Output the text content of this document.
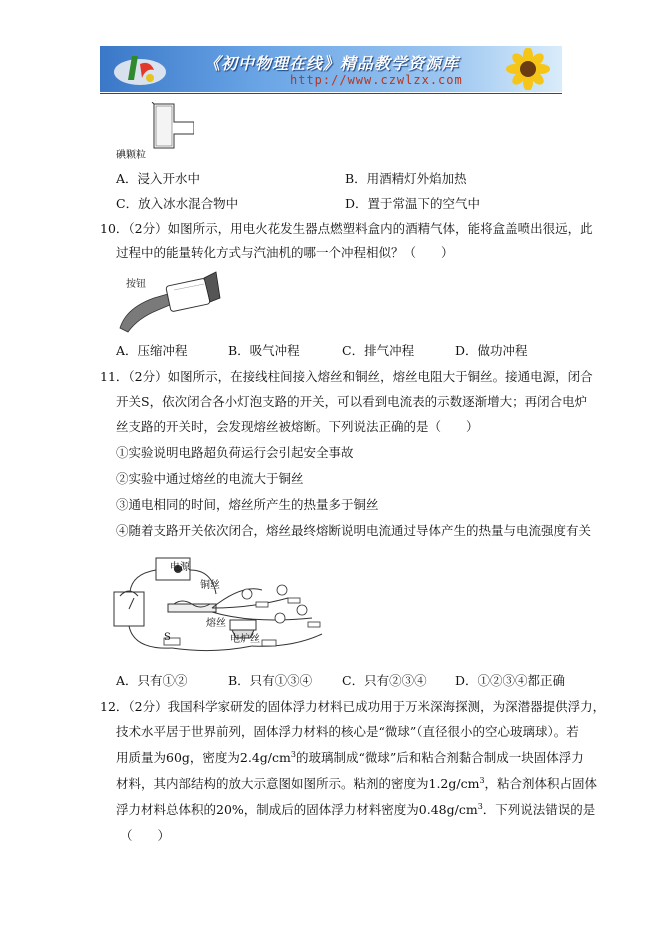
《初中物理在线》精品教学资源库
http://www.czwlzx.com
碘颗粒
A．浸入开水中	B．用酒精灯外焰加热
C．放入冰水混合物中	D．置于常温下的空气中
10．（2分）如图所示，用电火花发生器点燃塑料盒内的酒精气体，能将盒盖喷出很远，此
过程中的能量转化方式与汽油机的哪一个冲程相似？（　　）
按钮
A．压缩冲程	B．吸气冲程	C．排气冲程	D．做功冲程
11．（2分）如图所示，在接线柱间接入熔丝和铜丝，熔丝电阻大于铜丝。接通电源，闭合
开关S，依次闭合各小灯泡支路的开关，可以看到电流表的示数逐渐增大；再闭合电炉
丝支路的开关时，会发现熔丝被熔断。下列说法正确的是（　　）
①实验说明电路超负荷运行会引起安全事故
②实验中通过熔丝的电流大于铜丝
③通电相同的时间，熔丝所产生的热量多于铜丝
④随着支路开关依次闭合，熔丝最终熔断说明电流通过导体产生的热量与电流强度有关
电源
铜丝
熔丝
电炉丝
S
A．只有①②	B．只有①③④ C．只有②③④ D．①②③④都正确
12．（2分）我国科学家研发的固体浮力材料已成功用于万米深海探测，为深潜器提供浮力，
技术水平居于世界前列，固体浮力材料的核心是“微球”（直径很小的空心玻璃球）。若
用质量为60g，密度为$2.4g/cm^3$的玻璃制成“微球”后和粘合剂黏合制成一块固体浮力
材料，其内部结构的放大示意图如图所示。粘剂的密度为$1.2g/cm^3$，粘合剂体积占固体
浮力材料总体积的20%，制成后的固体浮力材料密度为$0.48g/cm^3$．下列说法错误的是
（　　）
